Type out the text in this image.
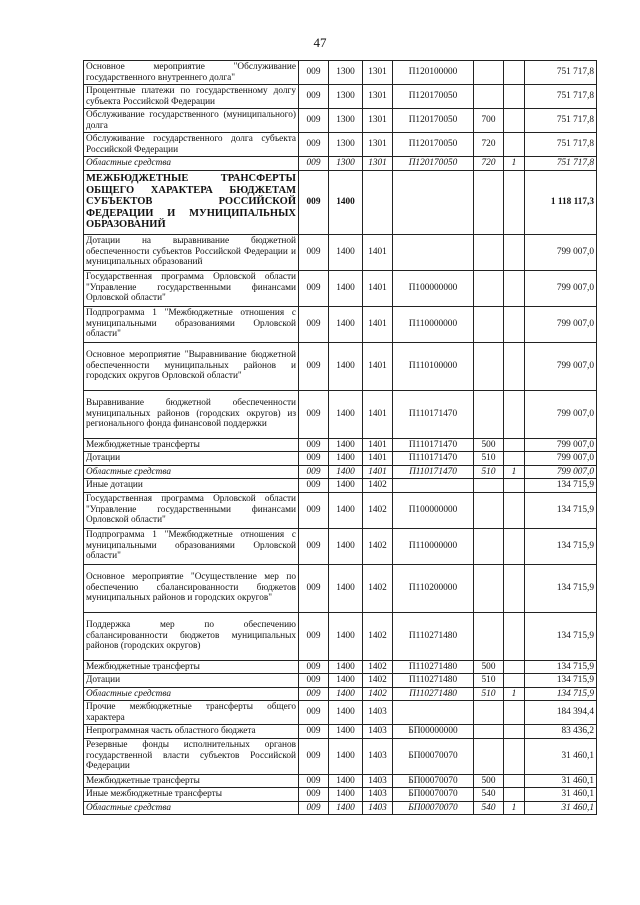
47
Основное мероприятие "Обслуживание государственного внутреннего долга"	009	1300	1301	П120100000			751 717,8
Процентные платежи по государственному долгу субъекта Российской Федерации	009	1300	1301	П120170050			751 717,8
Обслуживание государственного (муниципального) долга	009	1300	1301	П120170050	700		751 717,8
Обслуживание государственного долга субъекта Российской Федерации	009	1300	1301	П120170050	720		751 717,8
Областные средства	009	1300	1301	П120170050	720	1	751 717,8
МЕЖБЮДЖЕТНЫЕ ТРАНСФЕРТЫ ОБЩЕГО ХАРАКТЕРА БЮДЖЕТАМ СУБЪЕКТОВ РОССИЙСКОЙ ФЕДЕРАЦИИ И МУНИЦИПАЛЬНЫХ ОБРАЗОВАНИЙ	009	1400					1 118 117,3
Дотации на выравнивание бюджетной обеспеченности субъектов Российской Федерации и муниципальных образований	009	1400	1401				799 007,0
Государственная программа Орловской области "Управление государственными финансами Орловской области"	009	1400	1401	П100000000			799 007,0
Подпрограмма 1 "Межбюджетные отношения с муниципальными образованиями Орловской области"	009	1400	1401	П110000000			799 007,0
Основное мероприятие "Выравнивание бюджетной обеспеченности муниципальных районов и городских округов Орловской области"	009	1400	1401	П110100000			799 007,0
Выравнивание бюджетной обеспеченности муниципальных районов (городских округов) из регионального фонда финансовой поддержки	009	1400	1401	П110171470			799 007,0
Межбюджетные трансферты	009	1400	1401	П110171470	500		799 007,0
Дотации	009	1400	1401	П110171470	510		799 007,0
Областные средства	009	1400	1401	П110171470	510	1	799 007,0
Иные дотации	009	1400	1402				134 715,9
Государственная программа Орловской области "Управление государственными финансами Орловской области"	009	1400	1402	П100000000			134 715,9
Подпрограмма 1 "Межбюджетные отношения с муниципальными образованиями Орловской области"	009	1400	1402	П110000000			134 715,9
Основное мероприятие "Осуществление мер по обеспечению сбалансированности бюджетов муниципальных районов и городских округов"	009	1400	1402	П110200000			134 715,9
Поддержка мер по обеспечению сбалансированности бюджетов муниципальных районов (городских округов)	009	1400	1402	П110271480			134 715,9
Межбюджетные трансферты	009	1400	1402	П110271480	500		134 715,9
Дотации	009	1400	1402	П110271480	510		134 715,9
Областные средства	009	1400	1402	П110271480	510	1	134 715,9
Прочие межбюджетные трансферты общего характера	009	1400	1403				184 394,4
Непрограммная часть областного бюджета	009	1400	1403	БП00000000			83 436,2
Резервные фонды исполнительных органов государственной власти субъектов Российской Федерации	009	1400	1403	БП00070070			31 460,1
Межбюджетные трансферты	009	1400	1403	БП00070070	500		31 460,1
Иные межбюджетные трансферты	009	1400	1403	БП00070070	540		31 460,1
Областные средства	009	1400	1403	БП00070070	540	1	31 460,1
